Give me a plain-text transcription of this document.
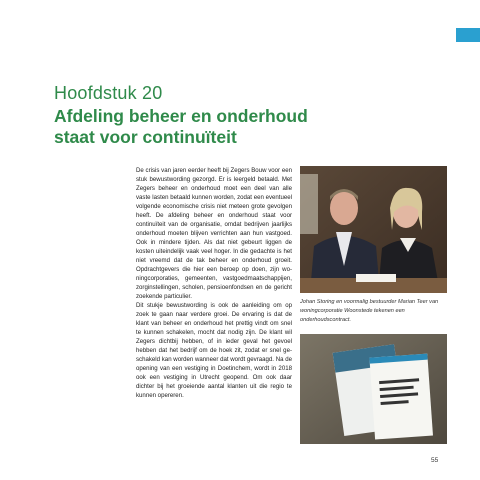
Hoofdstuk 20
Afdeling beheer en onderhoud
staat voor continuïteit

De crisis van jaren eerder heeft bij Zegers Bouw voor een stuk bewustwording gezorgd. Er is leergeld betaald. Met Zegers beheer en onderhoud moet een deel van alle vaste lasten betaald kunnen worden, zodat een eventueel volgende economische crisis niet meteen grote gevolgen heeft. De afdeling beheer en onderhoud staat voor continuïteit van de organisatie, omdat bedrijven jaarlijks onderhoud moeten blijven verrichten aan hun vastgoed. Ook in mindere tijden. Als dat niet gebeurt liggen de kosten uiteindelijk vaak veel hoger. In die gedachte is het niet vreemd dat de tak beheer en onderhoud groeit. Opdrachtgevers die hier een beroep op doen, zijn woningcorporaties, gemeenten, vastgoedmaatschappijen, zorginstellingen, scholen, pensioenfondsen en de gericht zoekende particulier.

Dit stukje bewustwording is ook de aanleiding om op zoek te gaan naar verdere groei. De ervaring is dat de klant van beheer en onderhoud het prettig vindt om snel te kunnen schakelen, mocht dat nodig zijn. De klant wil Zegers dichtbij hebben, of in ieder geval het gevoel hebben dat het bedrijf om de hoek zit, zodat er snel geschakeld kan worden wanneer dat wordt gevraagd. Na de opening van een vestiging in Doetinchem, wordt in 2018 ook een vestiging in Utrecht geopend. Om ook daar dichter bij het groeiende aantal klanten uit die regio te kunnen opereren.

Johan Storing en voormalig bestuurder Marian Teer van

woningcorporatie Woonstede tekenen een onderhoudscontract.

55
